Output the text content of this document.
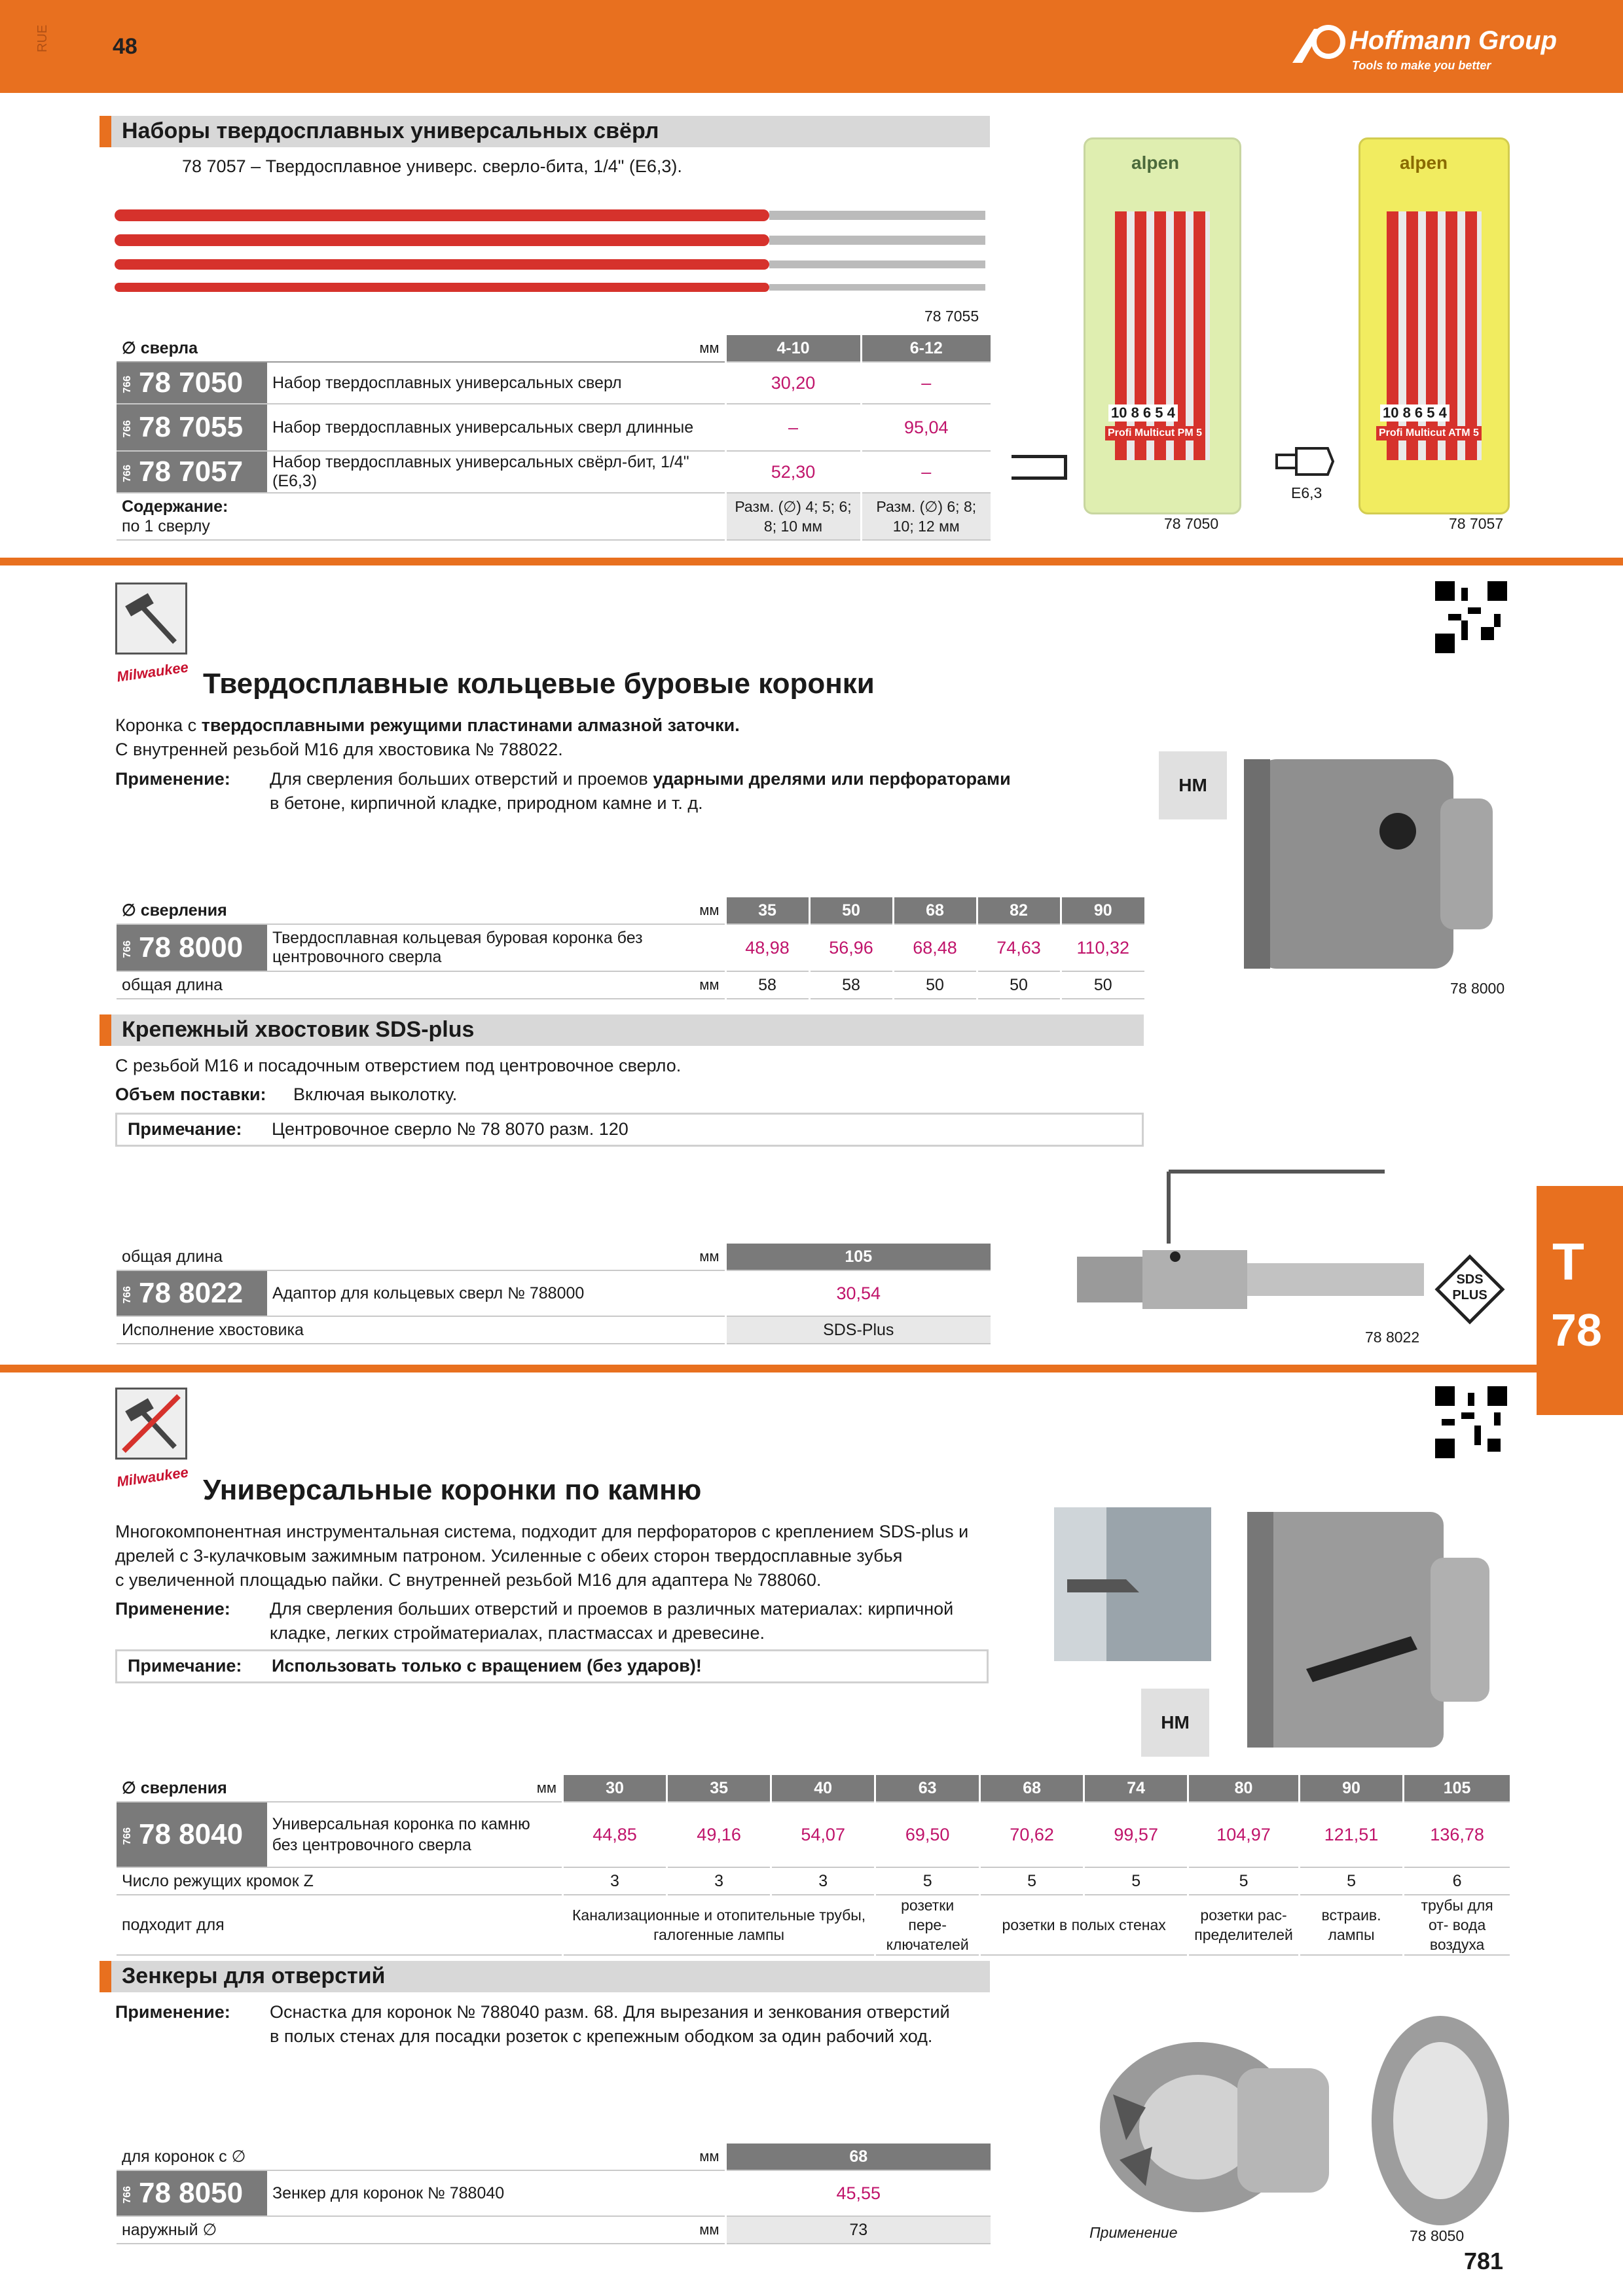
RUE	48	Hoffmann Group
Tools to make you better
Наборы твердосплавных универсальных свёрл
78 7057 – Твердосплавное универс. сверло-бита, 1/4" (E6,3).
78 7055
∅ сверла	мм	4-10	6-12
766 78 7050	Набор твердосплавных универсальных сверл	30,20	–
766 78 7055	Набор твердосплавных универсальных сверл длинные	–	95,04
766 78 7057	Набор твердосплавных универсальных свёрл-бит, 1/4" (E6,3)	52,30	–

Содержание:
по 1 сверлу		Разм. (∅) 4; 5; 6; 8; 10 мм	Разм. (∅) 6; 8; 10; 12 мм
alpen
10 8 6 5 4
Profi Multicut PM 5
alpen
10 8 6 5 4
Profi Multicut ATM 5
E6,3
78 7050	78 7057
Milwaukee Твердосплавные кольцевые буровые коронки
Коронка с твердосплавными режущими пластинами алмазной заточки.
С внутренней резьбой M16 для хвостовика № 788022.
Применение: Для сверления больших отверстий и проемов ударными дрелями или перфораторами
в бетоне, кирпичной кладке, природном камне и т. д.
HM
78 8000
∅ сверления	мм	35	50	68	82	90
766 78 8000	Твердосплавная кольцевая буровая коронка без центровочного сверла	48,98	56,96	68,48	74,63	110,32
общая длина	мм	58	58	50	50	50
Крепежный хвостовик SDS-plus
С резьбой M16 и посадочным отверстием под центровочное сверло.
Объем поставки: Включая выколотку.
Примечание: Центровочное сверло № 78 8070 разм. 120
общая длина	мм	105
766 78 8022	Адаптор для кольцевых сверл № 788000	30,54
Исполнение хвостовика		SDS-Plus
SDS PLUS
78 8022
T
78
Milwaukee Универсальные коронки по камню
Многокомпонентная инструментальная система, подходит для перфораторов с креплением SDS-plus и
дрелей с 3-кулачковым зажимным патроном. Усиленные с обеих сторон твердосплавные зубья
с увеличенной площадью пайки. С внутренней резьбой M16 для адаптера № 788060.
Применение: Для сверления больших отверстий и проемов в различных материалах: кирпичной
кладке, легких стройматериалах, пластмассах и древесине.
Примечание: Использовать только с вращением (без ударов)!
HM
∅ сверления	мм	30	35	40	63	68	74	80	90	105
766 78 8040	Универсальная коронка по камню без центровочного сверла	44,85	49,16	54,07	69,50	70,62	99,57	104,97	121,51	136,78
Число режущих кромок Z		3	3	3	5	5	5	5	5	6
подходит для		Канализационные и отопительные трубы, галогенные лампы			розетки пере- ключателей	розетки в полых стенах		розетки рас- пределителей	встраив. лампы	трубы для от- вода воздуха
Зенкеры для отверстий
Применение: Оснастка для коронок № 788040 разм. 68. Для вырезания и зенкования отверстий
в полых стенах для посадки розеток с крепежным ободком за один рабочий ход.
для коронок с ∅	мм	68
766 78 8050	Зенкер для коронок № 788040	45,55
наружный ∅	мм	73	Применение	78 8050
781
